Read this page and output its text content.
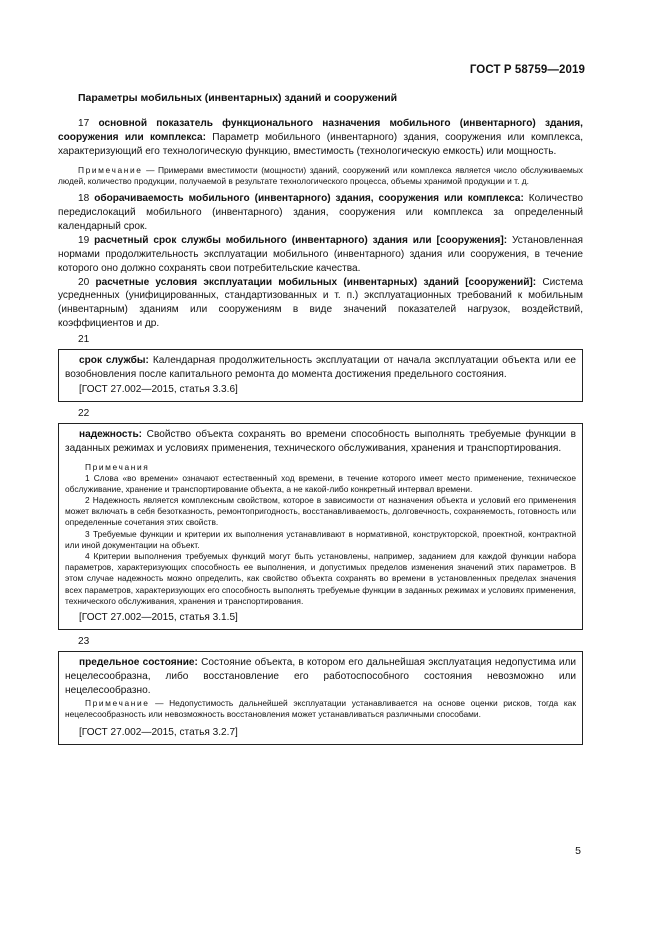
ГОСТ Р 58759—2019
Параметры мобильных (инвентарных) зданий и сооружений

17 основной показатель функционального назначения мобильного (инвентарного) здания, сооружения или комплекса: Параметр мобильного (инвентарного) здания, сооружения или комплекса, характеризующий его технологическую функцию, вместимость (технологическую емкость) или мощность.

Примечание — Примерами вместимости (мощности) зданий, сооружений или комплекса является число обслуживаемых людей, количество продукции, получаемой в результате технологического процесса, объемы хранимой продукции и т. д.

18 оборачиваемость мобильного (инвентарного) здания, сооружения или комплекса: Количество передислокаций мобильного (инвентарного) здания, сооружения или комплекса за определенный календарный срок.

19 расчетный срок службы мобильного (инвентарного) здания или [сооружения]: Установленная нормами продолжительность эксплуатации мобильного (инвентарного) здания или сооружения, в течение которого оно должно сохранять свои потребительские качества.

20 расчетные условия эксплуатации мобильных (инвентарных) зданий [сооружений]: Система усредненных (унифицированных, стандартизованных и т. п.) эксплуатационных требований к мобильным (инвентарным) зданиям или сооружениям в виде значений показателей нагрузок, воздействий, коэффициентов и др.

21

срок службы: Календарная продолжительность эксплуатации от начала эксплуатации объекта или ее возобновления после капитального ремонта до момента достижения предельного состояния.

[ГОСТ 27.002—2015, статья 3.3.6]
22

надежность: Свойство объекта сохранять во времени способность выполнять требуемые функции в заданных режимах и условиях применения, технического обслуживания, хранения и транспортирования.

Примечания

1 Слова «во времени» означают естественный ход времени, в течение которого имеет место применение, техническое обслуживание, хранение и транспортирование объекта, а не какой-либо конкретный интервал времени.

2 Надежность является комплексным свойством, которое в зависимости от назначения объекта и условий его применения может включать в себя безотказность, ремонтопригодность, восстанавливаемость, долговечность, сохраняемость, готовность или определенные сочетания этих свойств.

3 Требуемые функции и критерии их выполнения устанавливают в нормативной, конструкторской, проектной, контрактной или иной документации на объект.

4 Критерии выполнения требуемых функций могут быть установлены, например, заданием для каждой функции набора параметров, характеризующих способность ее выполнения, и допустимых пределов изменения значений этих параметров. В этом случае надежность можно определить, как свойство объекта сохранять во времени в установленных пределах значения всех параметров, характеризующих его способность выполнять требуемые функции в заданных режимах и условиях применения, технического обслуживания, хранения и транспортирования.

[ГОСТ 27.002—2015, статья 3.1.5]
23

предельное состояние: Состояние объекта, в котором его дальнейшая эксплуатация недопустима или нецелесообразна, либо восстановление его работоспособного состояния невозможно или нецелесообразно.

Примечание — Недопустимость дальнейшей эксплуатации устанавливается на основе оценки рисков, тогда как нецелесообразность или невозможность восстановления может устанавливаться различными способами.

[ГОСТ 27.002—2015, статья 3.2.7]
5
